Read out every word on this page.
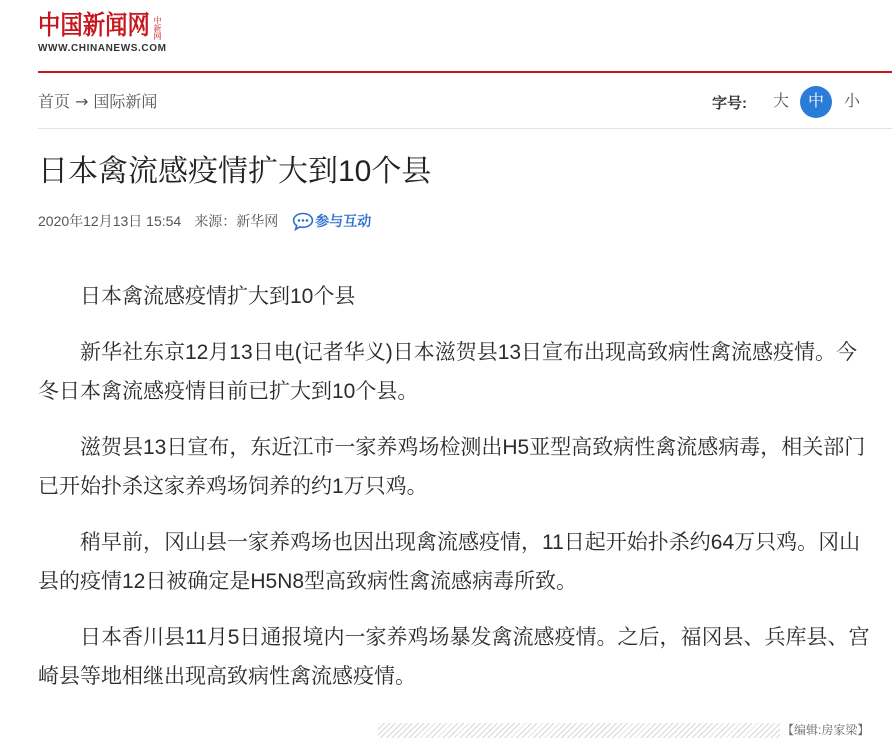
中国新闻网 中新网
WWW.CHINANEWS.COM
首页 → 国际新闻	字号: 大	中	小
日本禽流感疫情扩大到10个县
2020年12月13日 15:54 来源： 新华网	参与互动
日本禽流感疫情扩大到10个县
新华社东京12月13日电(记者华义)日本滋贺县13日宣布出现高致病性禽流感疫情。今
冬日本禽流感疫情目前已扩大到10个县。
滋贺县13日宣布，东近江市一家养鸡场检测出H5亚型高致病性禽流感病毒，相关部门
已开始扑杀这家养鸡场饲养的约1万只鸡。
稍早前，冈山县一家养鸡场也因出现禽流感疫情，11日起开始扑杀约64万只鸡。冈山
县的疫情12日被确定是H5N8型高致病性禽流感病毒所致。
日本香川县11月5日通报境内一家养鸡场暴发禽流感疫情。之后，福冈县、兵库县、宫
崎县等地相继出现高致病性禽流感疫情。
【编辑:房家梁】
